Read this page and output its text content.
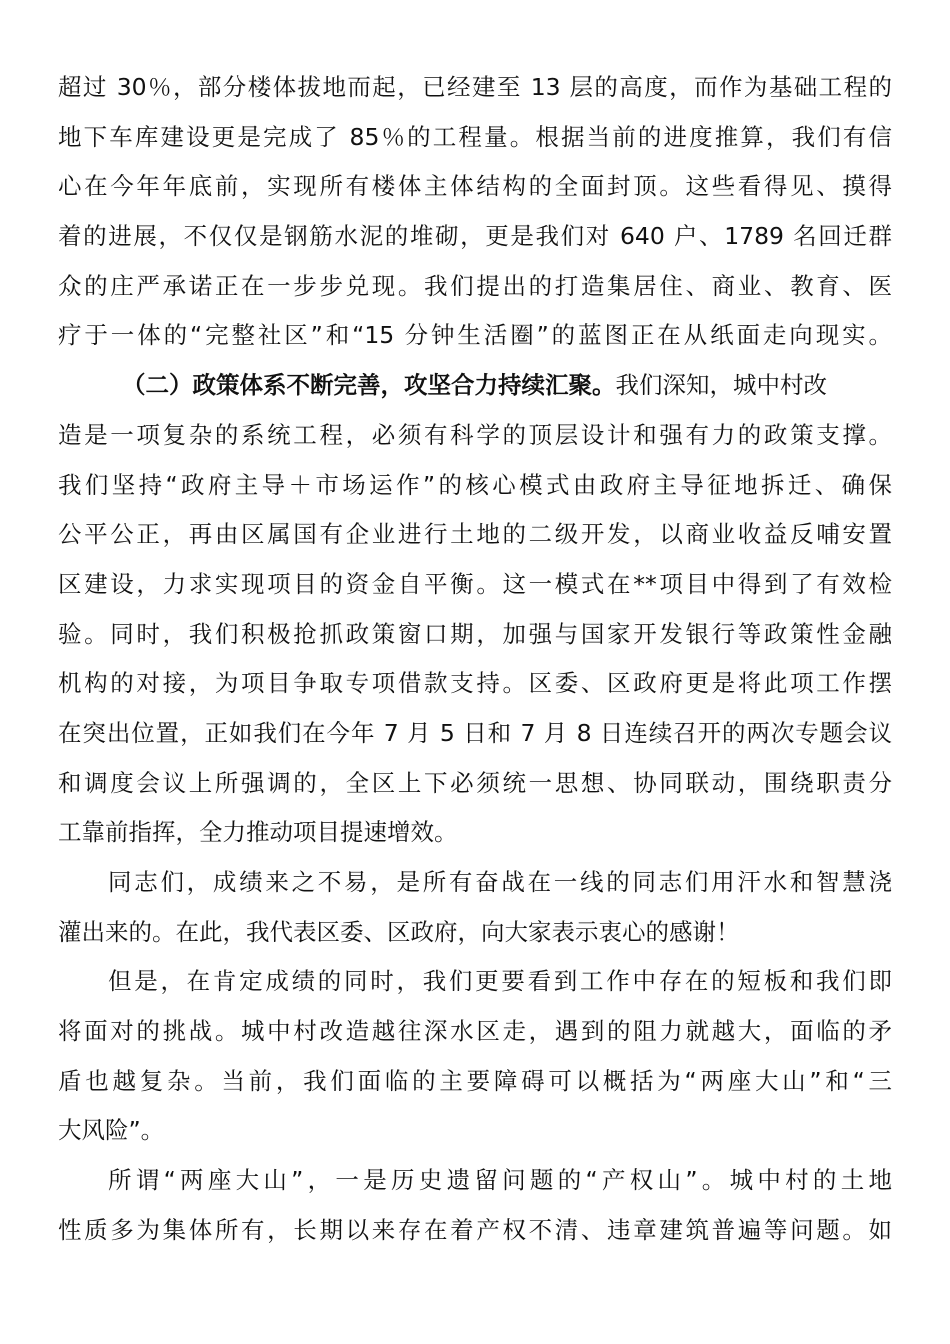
超过 30％，部分楼体拔地而起，已经建至 13 层的高度，而作为基础工程的
地下车库建设更是完成了 85％的工程量。根据当前的进度推算，我们有信
心在今年年底前，实现所有楼体主体结构的全面封顶。这些看得见、摸得
着的进展，不仅仅是钢筋水泥的堆砌，更是我们对 640 户、1789 名回迁群
众的庄严承诺正在一步步兑现。我们提出的打造集居住、商业、教育、医
疗于一体的“完整社区”和“15 分钟生活圈”的蓝图正在从纸面走向现实。
（二）政策体系不断完善，攻坚合力持续汇聚。我们深知，城中村改
造是一项复杂的系统工程，必须有科学的顶层设计和强有力的政策支撑。
我们坚持“政府主导＋市场运作”的核心模式由政府主导征地拆迁、确保
公平公正，再由区属国有企业进行土地的二级开发，以商业收益反哺安置
区建设，力求实现项目的资金自平衡。这一模式在**项目中得到了有效检
验。同时，我们积极抢抓政策窗口期，加强与国家开发银行等政策性金融
机构的对接，为项目争取专项借款支持。区委、区政府更是将此项工作摆
在突出位置，正如我们在今年 7 月 5 日和 7 月 8 日连续召开的两次专题会议
和调度会议上所强调的，全区上下必须统一思想、协同联动，围绕职责分
工靠前指挥，全力推动项目提速增效。
同志们，成绩来之不易，是所有奋战在一线的同志们用汗水和智慧浇
灌出来的。在此，我代表区委、区政府，向大家表示衷心的感谢！
但是，在肯定成绩的同时，我们更要看到工作中存在的短板和我们即
将面对的挑战。城中村改造越往深水区走，遇到的阻力就越大，面临的矛
盾也越复杂。当前，我们面临的主要障碍可以概括为“两座大山”和“三
大风险”。
所谓“两座大山”，一是历史遗留问题的“产权山”。城中村的土地
性质多为集体所有，长期以来存在着产权不清、违章建筑普遍等问题。如
